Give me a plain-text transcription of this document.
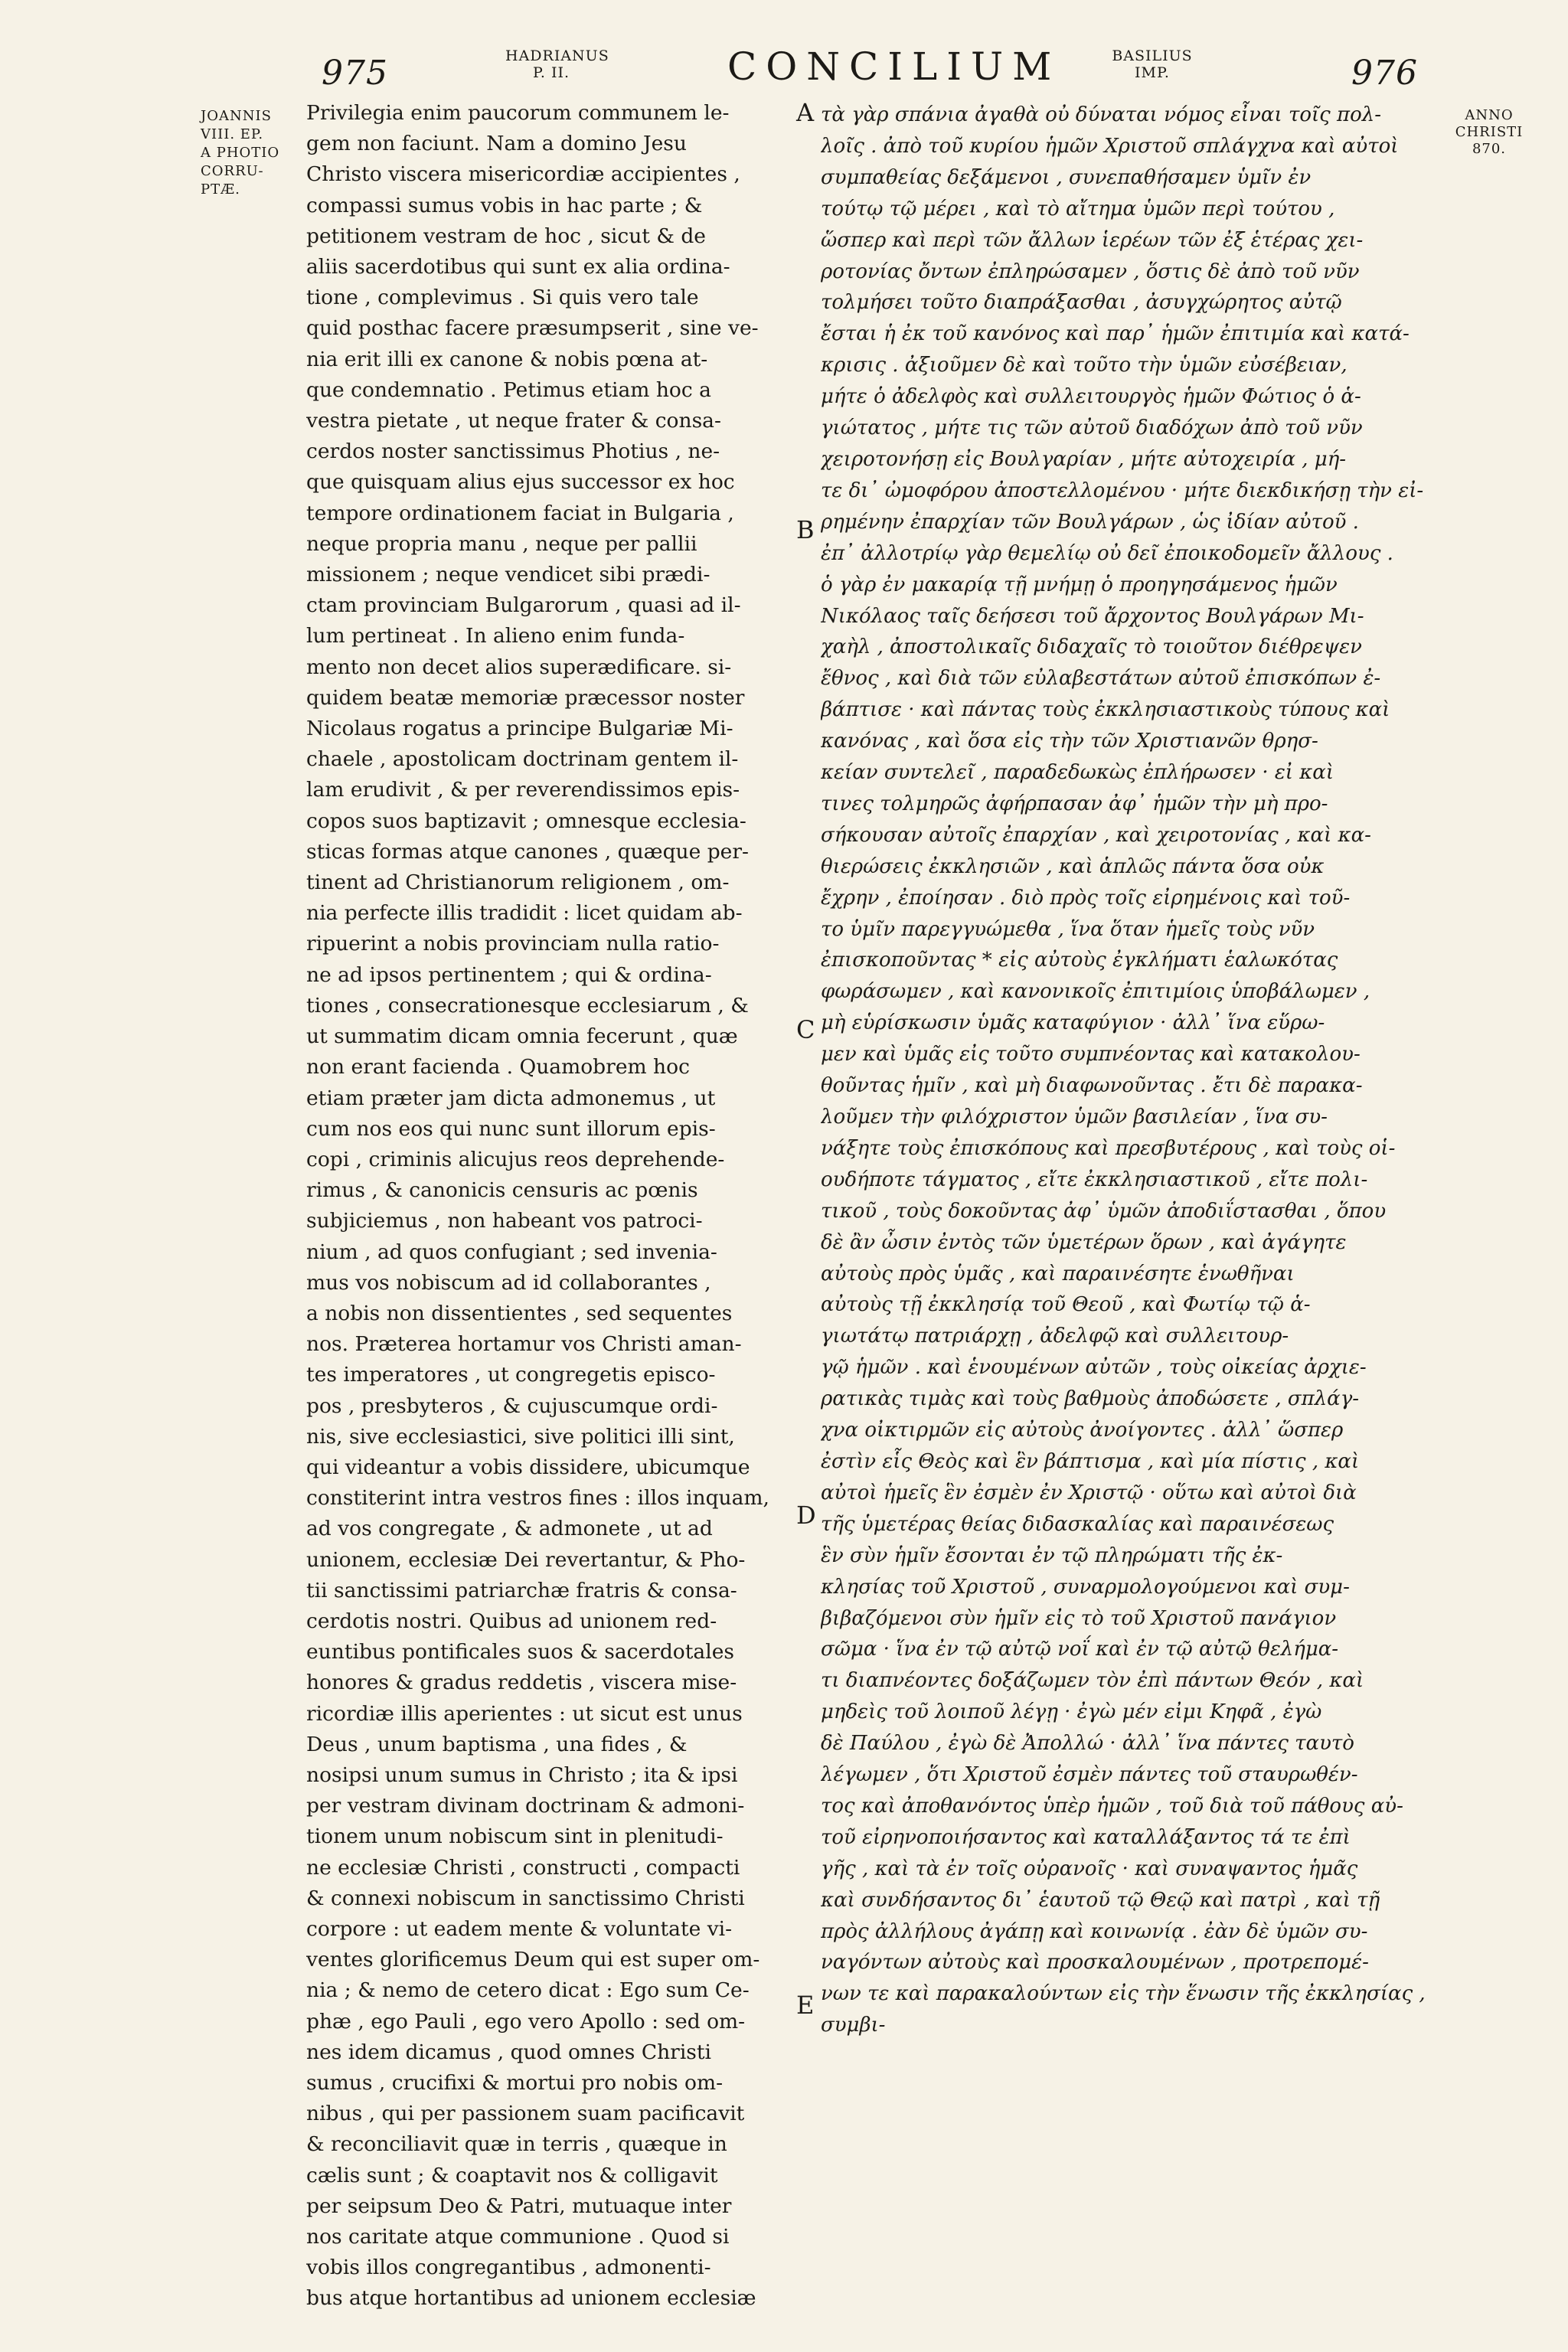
975	HADRIANUS
P. II.	CONCILIUM	BASILIUS
IMP.	976
JOANNIS
VIII. EP.
A PHOTIO
CORRU-
PTÆ.
ANNO
CHRISTI
870.
A
B
C
D
E
Privilegia enim paucorum communem le-
gem non faciunt. Nam a domino Jesu
Christo viscera misericordiæ accipientes ,
compassi sumus vobis in hac parte ; &
petitionem vestram de hoc , sicut & de
aliis sacerdotibus qui sunt ex alia ordina-
tione , complevimus . Si quis vero tale
quid posthac facere præsumpserit , sine ve-
nia erit illi ex canone & nobis pœna at-
que condemnatio . Petimus etiam hoc a
vestra pietate , ut neque frater & consa-
cerdos noster sanctissimus Photius , ne-
que quisquam alius ejus successor ex hoc
tempore ordinationem faciat in Bulgaria ,
neque propria manu , neque per pallii
missionem ; neque vendicet sibi prædi-
ctam provinciam Bulgarorum , quasi ad il-
lum pertineat . In alieno enim funda-
mento non decet alios superædificare. si-
quidem beatæ memoriæ præcessor noster
Nicolaus rogatus a principe Bulgariæ Mi-
chaele , apostolicam doctrinam gentem il-
lam erudivit , & per reverendissimos epis-
copos suos baptizavit ; omnesque ecclesia-
sticas formas atque canones , quæque per-
tinent ad Christianorum religionem , om-
nia perfecte illis tradidit : licet quidam ab-
ripuerint a nobis provinciam nulla ratio-
ne ad ipsos pertinentem ; qui & ordina-
tiones , consecrationesque ecclesiarum , &
ut summatim dicam omnia fecerunt , quæ
non erant facienda . Quamobrem hoc
etiam præter jam dicta admonemus , ut
cum nos eos qui nunc sunt illorum epis-
copi , criminis alicujus reos deprehende-
rimus , & canonicis censuris ac pœnis
subjiciemus , non habeant vos patroci-
nium , ad quos confugiant ; sed invenia-
mus vos nobiscum ad id collaborantes ,
a nobis non dissentientes , sed sequentes
nos. Præterea hortamur vos Christi aman-
tes imperatores , ut congregetis episco-
pos , presbyteros , & cujuscumque ordi-
nis, sive ecclesiastici, sive politici illi sint,
qui videantur a vobis dissidere, ubicumque
constiterint intra vestros fines : illos inquam,
ad vos congregate , & admonete , ut ad
unionem, ecclesiæ Dei revertantur, & Pho-
tii sanctissimi patriarchæ fratris & consa-
cerdotis nostri. Quibus ad unionem red-
euntibus pontificales suos & sacerdotales
honores & gradus reddetis , viscera mise-
ricordiæ illis aperientes : ut sicut est unus
Deus , unum baptisma , una fides , &
nosipsi unum sumus in Christo ; ita & ipsi
per vestram divinam doctrinam & admoni-
tionem unum nobiscum sint in plenitudi-
ne ecclesiæ Christi , constructi , compacti
& connexi nobiscum in sanctissimo Christi
corpore : ut eadem mente & voluntate vi-
ventes glorificemus Deum qui est super om-
nia ; & nemo de cetero dicat : Ego sum Ce-
phæ , ego Pauli , ego vero Apollo : sed om-
nes idem dicamus , quod omnes Christi
sumus , crucifixi & mortui pro nobis om-
nibus , qui per passionem suam pacificavit
& reconciliavit quæ in terris , quæque in
cælis sunt ; & coaptavit nos & colligavit
per seipsum Deo & Patri, mutuaque inter
nos caritate atque communione . Quod si
vobis illos congregantibus , admonenti-
bus atque hortantibus ad unionem ecclesiæ
τὰ γὰρ σπάνια ἀγαθὰ οὐ δύναται νόμος εἶναι τοῖς πολ-
λοῖς . ἀπὸ τοῦ κυρίου ἡμῶν Χριστοῦ σπλάγχνα καὶ αὐτοὶ
συμπαθείας δεξάμενοι , συνεπαθήσαμεν ὑμῖν ἐν
τούτῳ τῷ μέρει , καὶ τὸ αἴτημα ὑμῶν περὶ τούτου ,
ὥσπερ καὶ περὶ τῶν ἄλλων ἱερέων τῶν ἐξ ἑτέρας χει-
ροτονίας ὄντων ἐπληρώσαμεν , ὅστις δὲ ἀπὸ τοῦ νῦν
τολμήσει τοῦτο διαπράξασθαι , ἀσυγχώρητος αὐτῷ
ἔσται ἡ ἐκ τοῦ κανόνος καὶ παρ᾽ ἡμῶν ἐπιτιμία καὶ κατά-
κρισις . ἀξιοῦμεν δὲ καὶ τοῦτο τὴν ὑμῶν εὐσέβειαν,
μήτε ὁ ἀδελφὸς καὶ συλλειτουργὸς ἡμῶν Φώτιος ὁ ἁ-
γιώτατος , μήτε τις τῶν αὐτοῦ διαδόχων ἀπὸ τοῦ νῦν
χειροτονήσῃ εἰς Βουλγαρίαν , μήτε αὐτοχειρία , μή-
τε δι᾽ ὠμοφόρου ἀποστελλομένου · μήτε διεκδικήσῃ τὴν εἰ-
ρημένην ἐπαρχίαν τῶν Βουλγάρων , ὡς ἰδίαν αὐτοῦ .
ἐπ᾽ ἀλλοτρίῳ γὰρ θεμελίῳ οὐ δεῖ ἐποικοδομεῖν ἄλλους .
ὁ γὰρ ἐν μακαρίᾳ τῇ μνήμῃ ὁ προηγησάμενος ἡμῶν
Νικόλαος ταῖς δεήσεσι τοῦ ἄρχοντος Βουλγάρων Μι-
χαὴλ , ἀποστολικαῖς διδαχαῖς τὸ τοιοῦτον διέθρεψεν
ἔθνος , καὶ διὰ τῶν εὐλαβεστάτων αὐτοῦ ἐπισκόπων ἐ-
βάπτισε · καὶ πάντας τοὺς ἐκκλησιαστικοὺς τύπους καὶ
κανόνας , καὶ ὅσα εἰς τὴν τῶν Χριστιανῶν θρησ-
κείαν συντελεῖ , παραδεδωκὼς ἐπλήρωσεν · εἰ καὶ
τινες τολμηρῶς ἀφήρπασαν ἀφ᾽ ἡμῶν τὴν μὴ προ-
σήκουσαν αὐτοῖς ἐπαρχίαν , καὶ χειροτονίας , καὶ κα-
θιερώσεις ἐκκλησιῶν , καὶ ἁπλῶς πάντα ὅσα οὐκ
ἔχρην , ἐποίησαν . διὸ πρὸς τοῖς εἰρημένοις καὶ τοῦ-
το ὑμῖν παρεγγυώμεθα , ἵνα ὅταν ἡμεῖς τοὺς νῦν
ἐπισκοποῦντας * εἰς αὐτοὺς ἐγκλήματι ἑαλωκότας
φωράσωμεν , καὶ κανονικοῖς ἐπιτιμίοις ὑποβάλωμεν ,
μὴ εὑρίσκωσιν ὑμᾶς καταφύγιον · ἀλλ᾽ ἵνα εὕρω-
μεν καὶ ὑμᾶς εἰς τοῦτο συμπνέοντας καὶ κατακολου-
θοῦντας ἡμῖν , καὶ μὴ διαφωνοῦντας . ἔτι δὲ παρακα-
λοῦμεν τὴν φιλόχριστον ὑμῶν βασιλείαν , ἵνα συ-
νάξητε τοὺς ἐπισκόπους καὶ πρεσβυτέρους , καὶ τοὺς οἱ-
ουδήποτε τάγματος , εἴτε ἐκκλησιαστικοῦ , εἴτε πολι-
τικοῦ , τοὺς δοκοῦντας ἀφ᾽ ὑμῶν ἀποδιΐστασθαι , ὅπου
δὲ ἂν ὦσιν ἐντὸς τῶν ὑμετέρων ὅρων , καὶ ἀγάγητε
αὐτοὺς πρὸς ὑμᾶς , καὶ παραινέσητε ἑνωθῆναι
αὐτοὺς τῇ ἐκκλησίᾳ τοῦ Θεοῦ , καὶ Φωτίῳ τῷ ἁ-
γιωτάτῳ πατριάρχῃ , ἀδελφῷ καὶ συλλειτουρ-
γῷ ἡμῶν . καὶ ἑνουμένων αὐτῶν , τοὺς οἰκείας ἀρχιε-
ρατικὰς τιμὰς καὶ τοὺς βαθμοὺς ἀποδώσετε , σπλάγ-
χνα οἰκτιρμῶν εἰς αὐτοὺς ἀνοίγοντες . ἀλλ᾽ ὥσπερ
ἐστὶν εἷς Θεὸς καὶ ἓν βάπτισμα , καὶ μία πίστις , καὶ
αὐτοὶ ἡμεῖς ἓν ἐσμὲν ἐν Χριστῷ · οὕτω καὶ αὐτοὶ διὰ
τῆς ὑμετέρας θείας διδασκαλίας καὶ παραινέσεως
ἓν σὺν ἡμῖν ἔσονται ἐν τῷ πληρώματι τῆς ἐκ-
κλησίας τοῦ Χριστοῦ , συναρμολογούμενοι καὶ συμ-
βιβαζόμενοι σὺν ἡμῖν εἰς τὸ τοῦ Χριστοῦ πανάγιον
σῶμα · ἵνα ἐν τῷ αὐτῷ νοΐ καὶ ἐν τῷ αὐτῷ θελήμα-
τι διαπνέοντες δοξάζωμεν τὸν ἐπὶ πάντων Θεόν , καὶ
μηδεὶς τοῦ λοιποῦ λέγῃ · ἐγὼ μέν εἰμι Κηφᾶ , ἐγὼ
δὲ Παύλου , ἐγὼ δὲ Ἀπολλώ · ἀλλ᾽ ἵνα πάντες ταυτὸ
λέγωμεν , ὅτι Χριστοῦ ἐσμὲν πάντες τοῦ σταυρωθέν-
τος καὶ ἀποθανόντος ὑπὲρ ἡμῶν , τοῦ διὰ τοῦ πάθους αὐ-
τοῦ εἰρηνοποιήσαντος καὶ καταλλάξαντος τά τε ἐπὶ
γῆς , καὶ τὰ ἐν τοῖς οὐρανοῖς · καὶ συναψαντος ἡμᾶς
καὶ συνδήσαντος δι᾽ ἑαυτοῦ τῷ Θεῷ καὶ πατρὶ , καὶ τῇ
πρὸς ἀλλήλους ἀγάπῃ καὶ κοινωνίᾳ . ἐὰν δὲ ὑμῶν συ-
ναγόντων αὐτοὺς καὶ προσκαλουμένων , προτρεπομέ-
νων τε καὶ παρακαλούντων εἰς τὴν ἕνωσιν τῆς ἐκκλησίας ,
συμβι-
